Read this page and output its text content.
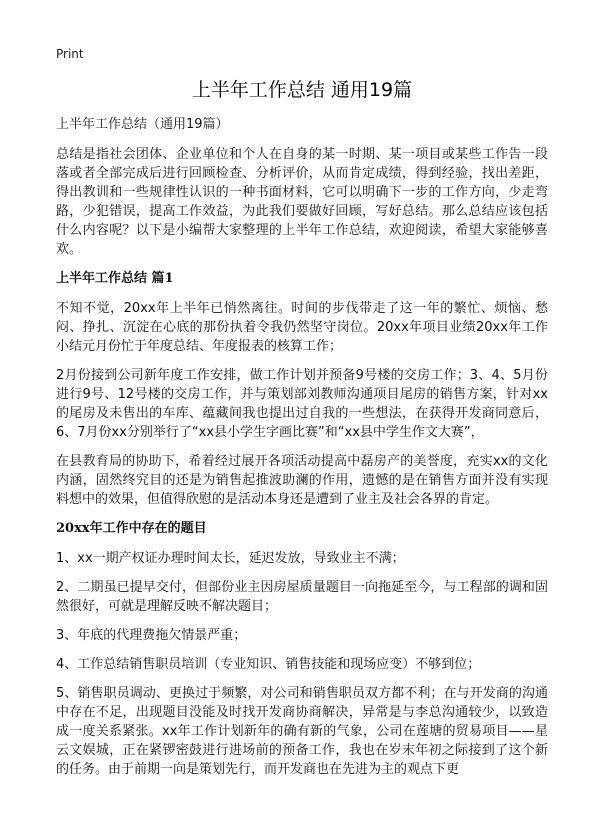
Print
上半年工作总结 通用19篇

上半年工作总结（通用19篇）

总结是指社会团体、企业单位和个人在自身的某一时期、某一项目或某些工作告一段落或者全部完成后进行回顾检查、分析评价，从而肯定成绩，得到经验，找出差距，得出教训和一些规律性认识的一种书面材料，它可以明确下一步的工作方向，少走弯路，少犯错误，提高工作效益，为此我们要做好回顾，写好总结。那么总结应该包括什么内容呢？以下是小编帮大家整理的上半年工作总结，欢迎阅读，希望大家能够喜欢。

上半年工作总结 篇1

不知不觉，20xx年上半年已悄然离往。时间的步伐带走了这一年的繁忙、烦恼、愁闷、挣扎、沉淀在心底的那份执着令我仍然坚守岗位。20xx年项目业绩20xx年工作小结元月份忙于年度总结、年度报表的核算工作；

2月份接到公司新年度工作安排，做工作计划并预备9号楼的交房工作；3、4、5月份进行9号、12号楼的交房工作，并与策划部刘教师沟通项目尾房的销售方案，针对xx的尾房及未售出的车库、蕴藏间我也提出过自我的一些想法，在获得开发商同意后，6、7月份xx分别举行了“xx县小学生字画比赛”和“xx县中学生作文大赛”，

在县教育局的协助下，希着经过展开各项活动提高中磊房产的美誉度，充实xx的文化内涵，固然终究目的还是为销售起推波助澜的作用，遗憾的是在销售方面并没有实现料想中的效果，但值得欣慰的是活动本身还是遭到了业主及社会各界的肯定。

20xx年工作中存在的题目

1、xx一期产权证办理时间太长，延迟发放，导致业主不满；

2、二期虽已提早交付，但部份业主因房屋质量题目一向拖延至今，与工程部的调和固然很好，可就是理解反映不解决题目；

3、年底的代理费拖欠情景严重；

4、工作总结销售职员培训（专业知识、销售技能和现场应变）不够到位；

5、销售职员调动、更换过于频繁，对公司和销售职员双方都不利；在与开发商的沟通中存在不足，出现题目没能及时找开发商协商解决，异常是与李总沟通较少，以致造成一度关系紧张。xx年工作计划新年的确有新的气象，公司在莲塘的贸易项目——星云文娱城，正在紧锣密鼓进行进场前的预备工作，我也在岁末年初之际接到了这个新的任务。由于前期一向是策划先行，而开发商也在先进为主的观点下更
